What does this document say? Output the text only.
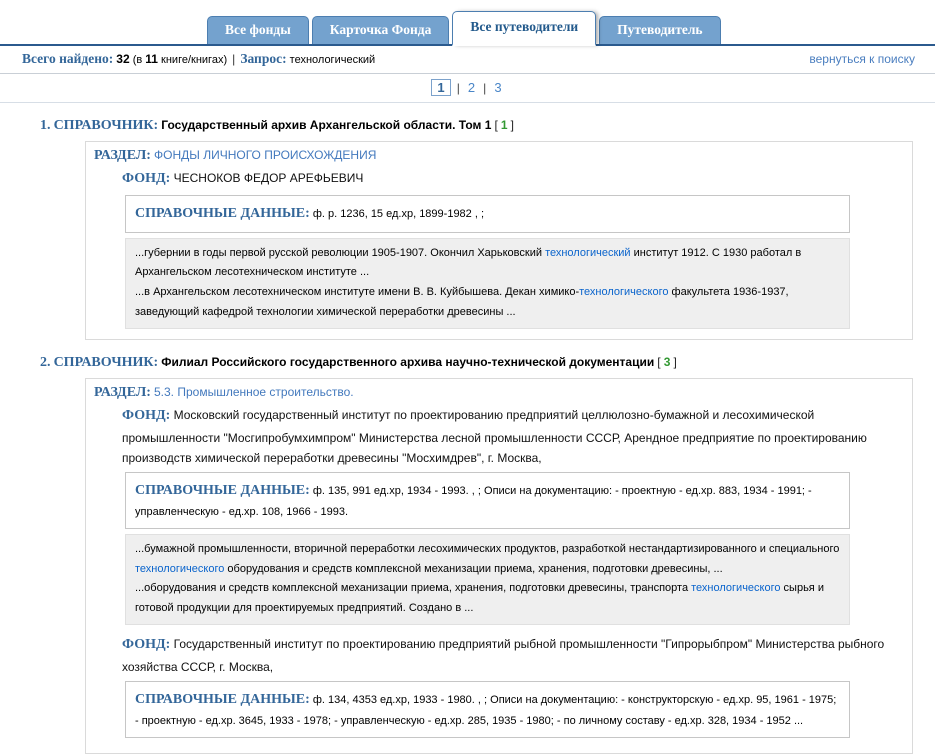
Все фонды	Карточка Фонда	Все путеводители	Путеводитель
Всего найдено: 32 (в 11 книге/книгах) | Запрос: технологический	вернуться к поиску
1 | 2 | 3
1. СПРАВОЧНИК: Государственный архив Архангельской области. Том 1 [ 1 ]
РАЗДЕЛ: ФОНДЫ ЛИЧНОГО ПРОИСХОЖДЕНИЯ
ФОНД: ЧЕСНОКОВ ФЕДОР АРЕФЬЕВИЧ
СПРАВОЧНЫЕ ДАННЫЕ: ф. р. 1236, 15 ед.хр, 1899-1982 , ;
...губернии в годы первой русской революции 1905-1907. Окончил Харьковский технологический институт 1912. С 1930 работал в Архангельском лесотехническом институте ...
...в Архангельском лесотехническом институте имени В. В. Куйбышева. Декан химико-технологического факультета 1936-1937, заведующий кафедрой технологии химической переработки древесины ...
2. СПРАВОЧНИК: Филиал Российского государственного архива научно-технической документации [ 3 ]
РАЗДЕЛ: 5.3. Промышленное строительство.
ФОНД: Московский государственный институт по проектированию предприятий целлюлозно-бумажной и лесохимической промышленности "Мосгипробумхимпром" Министерства лесной промышленности СССР, Арендное предприятие по проектированию производств химической переработки древесины "Мосхимдрев", г. Москва,
СПРАВОЧНЫЕ ДАННЫЕ: ф. 135, 991 ед.хр, 1934 - 1993. , ; Описи на документацию: - проектную - ед.хр. 883, 1934 - 1991; - управленческую - ед.хр. 108, 1966 - 1993.
...бумажной промышленности, вторичной переработки лесохимических продуктов, разработкой нестандартизированного и специального технологического оборудования и средств комплексной механизации приема, хранения, подготовки древесины, ...
...оборудования и средств комплексной механизации приема, хранения, подготовки древесины, транспорта технологического сырья и готовой продукции для проектируемых предприятий. Создано в ...
ФОНД: Государственный институт по проектированию предприятий рыбной промышленности "Гипрорыбпром" Министерства рыбного хозяйства СССР, г. Москва,
СПРАВОЧНЫЕ ДАННЫЕ: ф. 134, 4353 ед.хр, 1933 - 1980. , ; Описи на документацию: - конструкторскую - ед.хр. 95, 1961 - 1975; - проектную - ед.хр. 3645, 1933 - 1978; - управленческую - ед.хр. 285, 1935 - 1980; - по личному составу - ед.хр. 328, 1934 - 1952 ...
